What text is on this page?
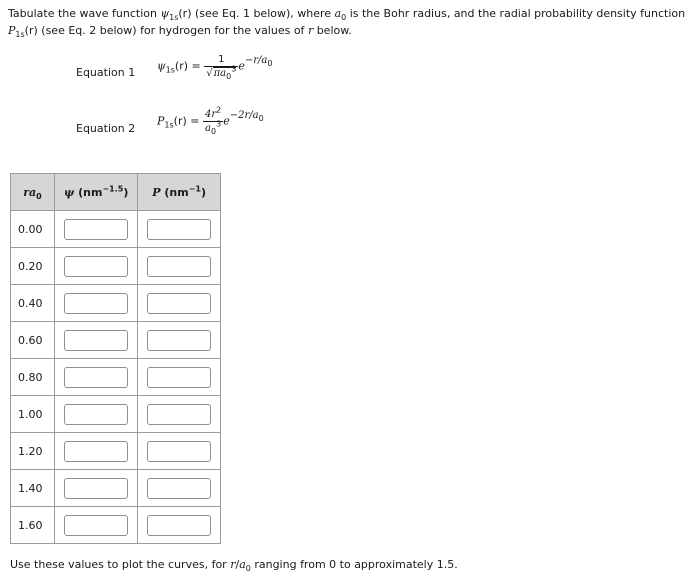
Tabulate the wave function $\psi_{1s}(r)$ (see Eq. 1 below), where $a_0$ is the Bohr radius, and the radial probability density function
$P_{1s}(r)$ (see Eq. 2 below) for hydrogen for the values of r below.
Equation 1 $\psi_{1s}(r) = \frac{1}{√\pi a_0^3} e-r/a_0$
Equation 2
$P_{1s}(r) = \frac{4r^2}{a_0^3} e-2r/a_0$
$ra_0$	ψ $(nm^{-1.5})$	P $(nm^{-1})$
0.00		
0.20		
0.40		
0.60		
0.80		
1.00		
1.20		
1.40		
1.60		
Use these values to plot the curves, for $r/a_0$ ranging from 0 to approximately 1.5.
